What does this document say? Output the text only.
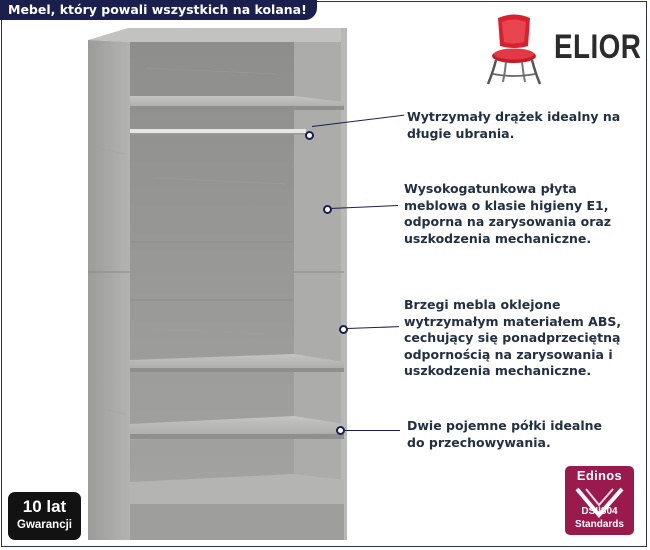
Mebel, który powali wszystkich na kolana!
ELIOR
Wytrzymały drążek idealny na
długie ubrania.
Wysokogatunkowa płyta
meblowa o klasie higieny E1,
odporna na zarysowania oraz
uszkodzenia mechaniczne.
Brzegi mebla oklejone
wytrzymałym materiałem ABS,
cechujący się ponadprzeciętną
odpornością na zarysowania i
uszkodzenia mechaniczne.
Dwie pojemne półki idealne
do przechowywania.
10 lat
Gwarancji
Edinos
DSI|804
Standards
